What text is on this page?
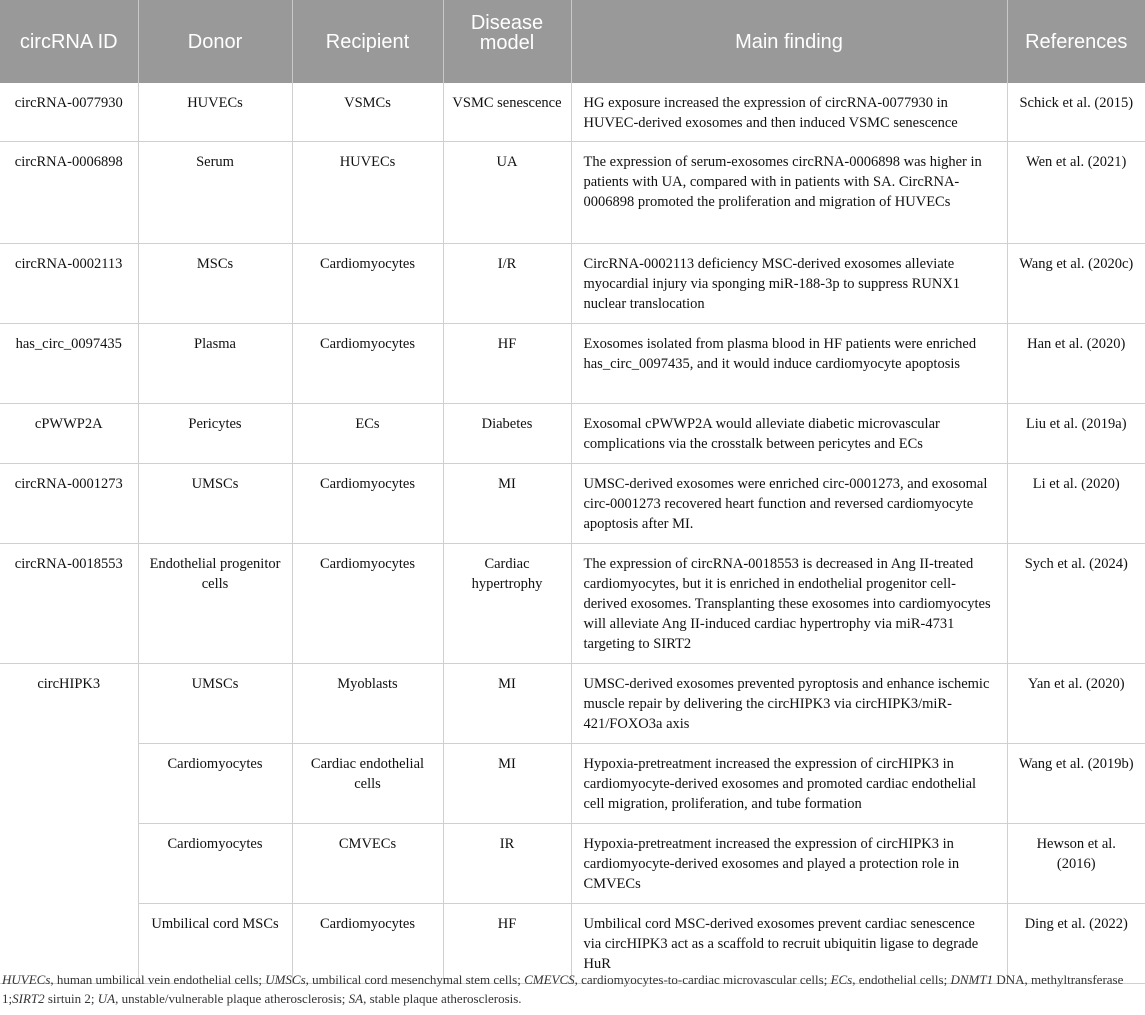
circRNA ID	Donor	Recipient	Disease model	Main finding	References
circRNA-0077930	HUVECs	VSMCs	VSMC senescence	HG exposure increased the expression of circRNA-0077930 in HUVEC-derived exosomes and then induced VSMC senescence	Schick et al. (2015)
circRNA-0006898	Serum	HUVECs	UA	The expression of serum-exosomes circRNA-0006898 was higher in patients with UA, compared with in patients with SA. CircRNA-0006898 promoted the proliferation and migration of HUVECs	Wen et al. (2021)
circRNA-0002113	MSCs	Cardiomyocytes	I/R	CircRNA-0002113 deficiency MSC-derived exosomes alleviate myocardial injury via sponging miR-188-3p to suppress RUNX1 nuclear translocation	Wang et al. (2020c)
has_circ_0097435	Plasma	Cardiomyocytes	HF	Exosomes isolated from plasma blood in HF patients were enriched has_circ_0097435, and it would induce cardiomyocyte apoptosis	Han et al. (2020)
cPWWP2A	Pericytes	ECs	Diabetes	Exosomal cPWWP2A would alleviate diabetic microvascular complications via the crosstalk between pericytes and ECs	Liu et al. (2019a)
circRNA-0001273	UMSCs	Cardiomyocytes	MI	UMSC-derived exosomes were enriched circ-0001273, and exosomal circ-0001273 recovered heart function and reversed cardiomyocyte apoptosis after MI.	Li et al. (2020)
circRNA-0018553	Endothelial progenitor cells	Cardiomyocytes	Cardiac hypertrophy	The expression of circRNA-0018553 is decreased in Ang II-treated cardiomyocytes, but it is enriched in endothelial progenitor cell-derived exosomes. Transplanting these exosomes into cardiomyocytes will alleviate Ang II-induced cardiac hypertrophy via miR-4731 targeting to SIRT2	Sych et al. (2024)
circHIPK3	UMSCs	Myoblasts	MI	UMSC-derived exosomes prevented pyroptosis and enhance ischemic muscle repair by delivering the circHIPK3 via circHIPK3/miR-421/FOXO3a axis	Yan et al. (2020)
	Cardiomyocytes	Cardiac endothelial cells	MI	Hypoxia-pretreatment increased the expression of circHIPK3 in cardiomyocyte-derived exosomes and promoted cardiac endothelial cell migration, proliferation, and tube formation	Wang et al. (2019b)
	Cardiomyocytes	CMVECs	IR	Hypoxia-pretreatment increased the expression of circHIPK3 in cardiomyocyte-derived exosomes and played a protection role in CMVECs	Hewson et al. (2016)
	Umbilical cord MSCs	Cardiomyocytes	HF	Umbilical cord MSC-derived exosomes prevent cardiac senescence via circHIPK3 act as a scaffold to recruit ubiquitin ligase to degrade HuR	Ding et al. (2022)
HUVECs, human umbilical vein endothelial cells; UMSCs, umbilical cord mesenchymal stem cells; CMEVCS, cardiomyocytes-to-cardiac microvascular cells; ECs, endothelial cells; DNMT1 DNA, methyltransferase 1;SIRT2 sirtuin 2; UA, unstable/vulnerable plaque atherosclerosis; SA, stable plaque atherosclerosis.
